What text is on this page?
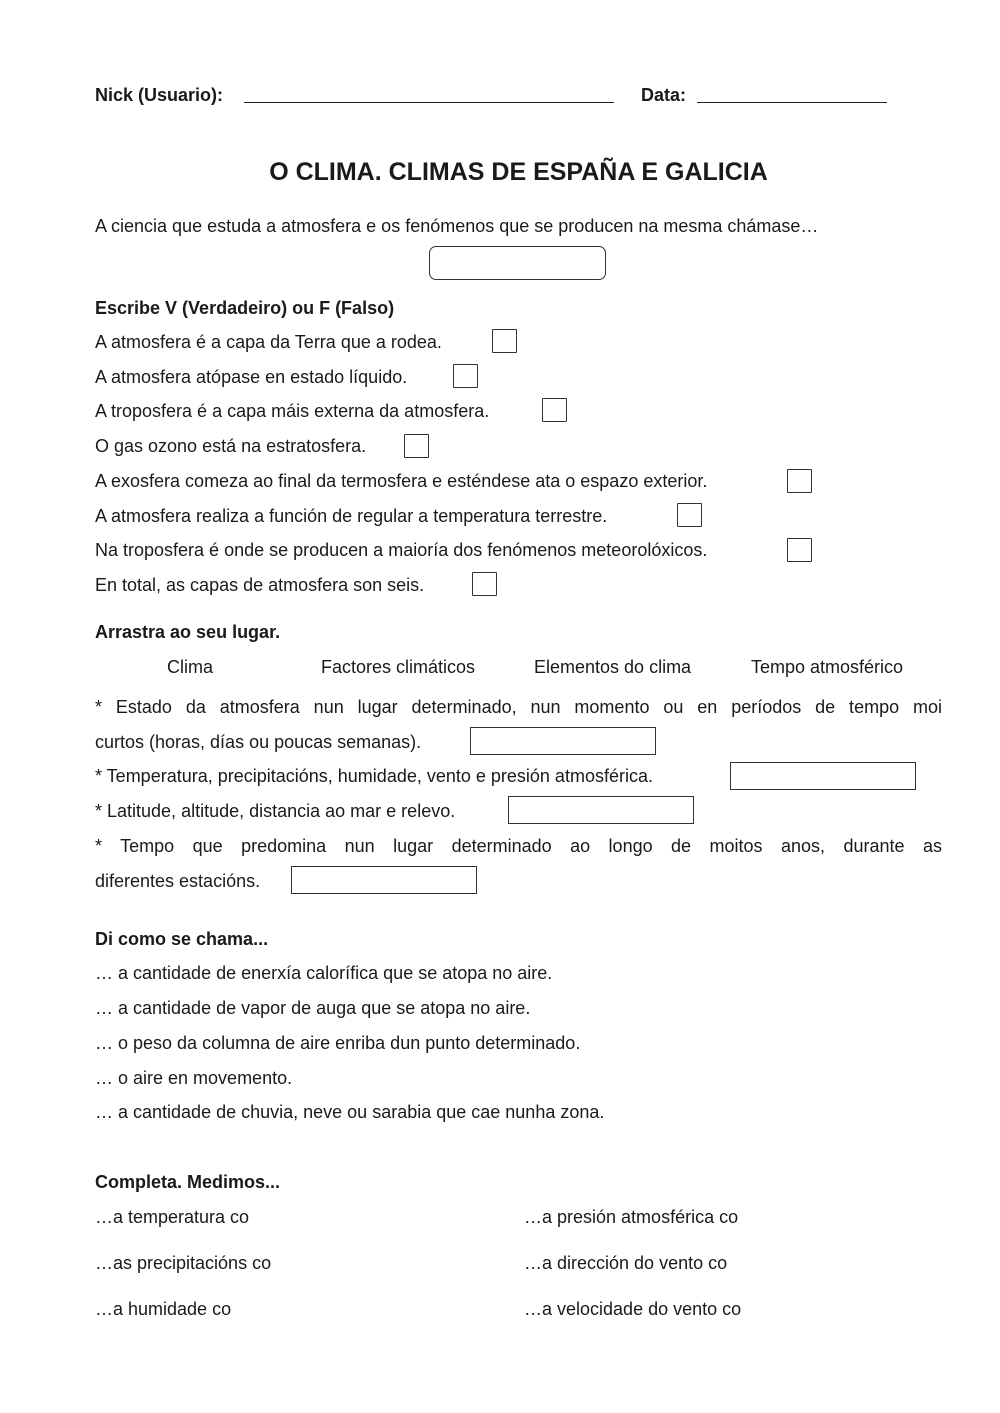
Nick (Usuario):	Data:
O CLIMA. CLIMAS DE ESPAÑA E GALICIA
A ciencia que estuda a atmosfera e os fenómenos que se producen na mesma chámase…
Escribe V (Verdadeiro) ou F (Falso)
A atmosfera é a capa da Terra que a rodea.
A atmosfera atópase en estado líquido.
A troposfera é a capa máis externa da atmosfera.
O gas ozono está na estratosfera.
A exosfera comeza ao final da termosfera e esténdese ata o espazo exterior.
A atmosfera realiza a función de regular a temperatura terrestre.
Na troposfera é onde se producen a maioría dos fenómenos meteorolóxicos.
En total, as capas de atmosfera son seis.
Arrastra ao seu lugar.
Clima	Factores climáticos	Elementos do clima	Tempo atmosférico
* Estado da atmosfera nun lugar determinado, nun momento ou en períodos de tempo moi
curtos (horas, días ou poucas semanas).
* Temperatura, precipitacións, humidade, vento e presión atmosférica.
* Latitude, altitude, distancia ao mar e relevo.
* Tempo que predomina nun lugar determinado ao longo de moitos anos, durante as
diferentes estacións.
Di como se chama...
… a cantidade de enerxía calorífica que se atopa no aire.
… a cantidade de vapor de auga que se atopa no aire.
… o peso da columna de aire enriba dun punto determinado.
… o aire en movemento.
… a cantidade de chuvia, neve ou sarabia que cae nunha zona.
Completa. Medimos...
…a temperatura co	…a presión atmosférica co
…as precipitacións co	…a dirección do vento co
…a humidade co	…a velocidade do vento co
